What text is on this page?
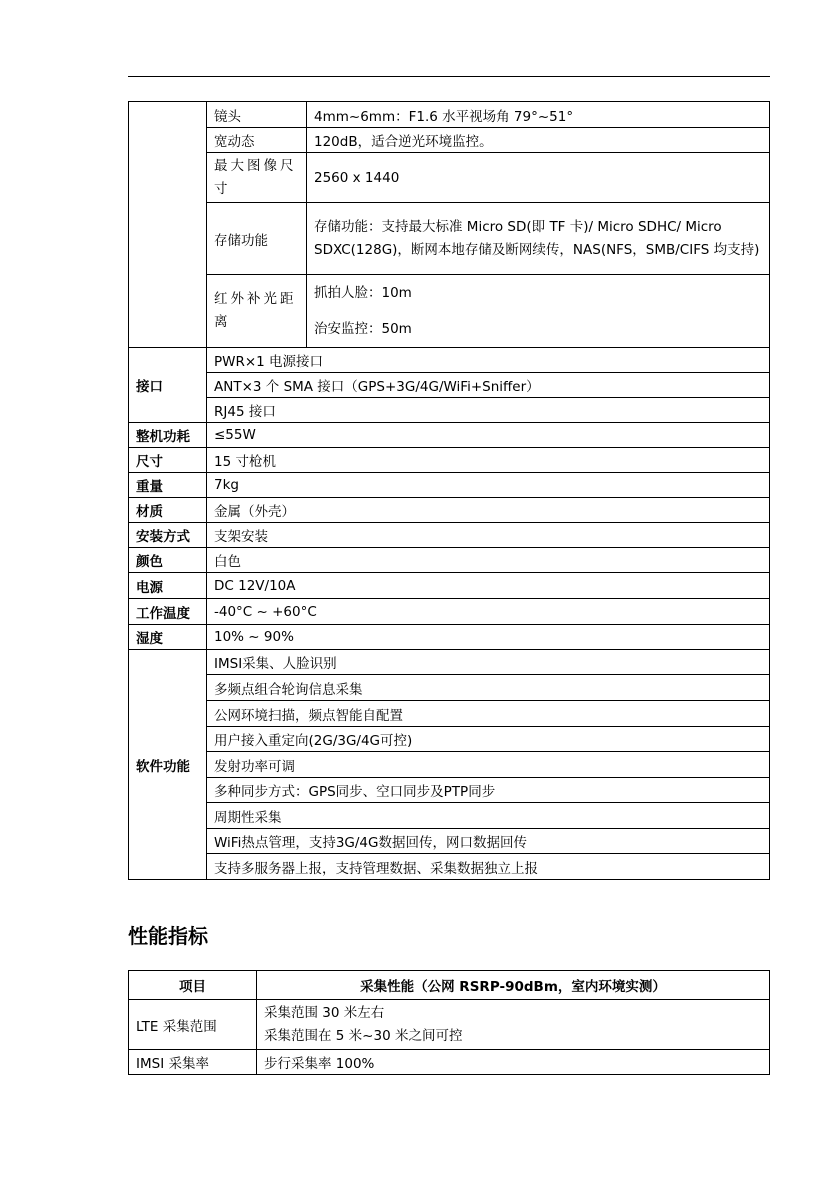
	镜头	4mm~6mm：F1.6 水平视场角 79°~51°
	宽动态	120dB，适合逆光环境监控。
	最大图像尺寸	2560 x 1440
	存储功能	存储功能：支持最大标准 Micro SD(即 TF 卡)/ Micro SDHC/ Micro SDXC(128G)，断网本地存储及断网续传，NAS(NFS，SMB/CIFS 均支持)
	红外补光距离	抓拍人脸：10m
治安监控：50m

接口	PWR×1 电源接口	
	ANT×3 个 SMA 接口（GPS+3G/4G/WiFi+Sniffer）	
	RJ45 接口	
整机功耗	≤55W	
尺寸	15 寸枪机	
重量	7kg	
材质	金属（外壳）	
安装方式	支架安装	
颜色	白色	
电源	DC 12V/10A	
工作温度	-40°C ~ +60°C	
湿度	10% ~ 90%	
软件功能	IMSI采集、人脸识别	
	多频点组合轮询信息采集	
	公网环境扫描，频点智能自配置	
	用户接入重定向(2G/3G/4G可控)	
	发射功率可调	
	多种同步方式：GPS同步、空口同步及PTP同步	
	周期性采集	
	WiFi热点管理，支持3G/4G数据回传，网口数据回传	
	支持多服务器上报，支持管理数据、采集数据独立上报	
性能指标
项目	采集性能（公网 RSRP-90dBm，室内环境实测）
LTE 采集范围	采集范围 30 米左右
采集范围在 5 米~30 米之间可控

IMSI 采集率	步行采集率 100%
